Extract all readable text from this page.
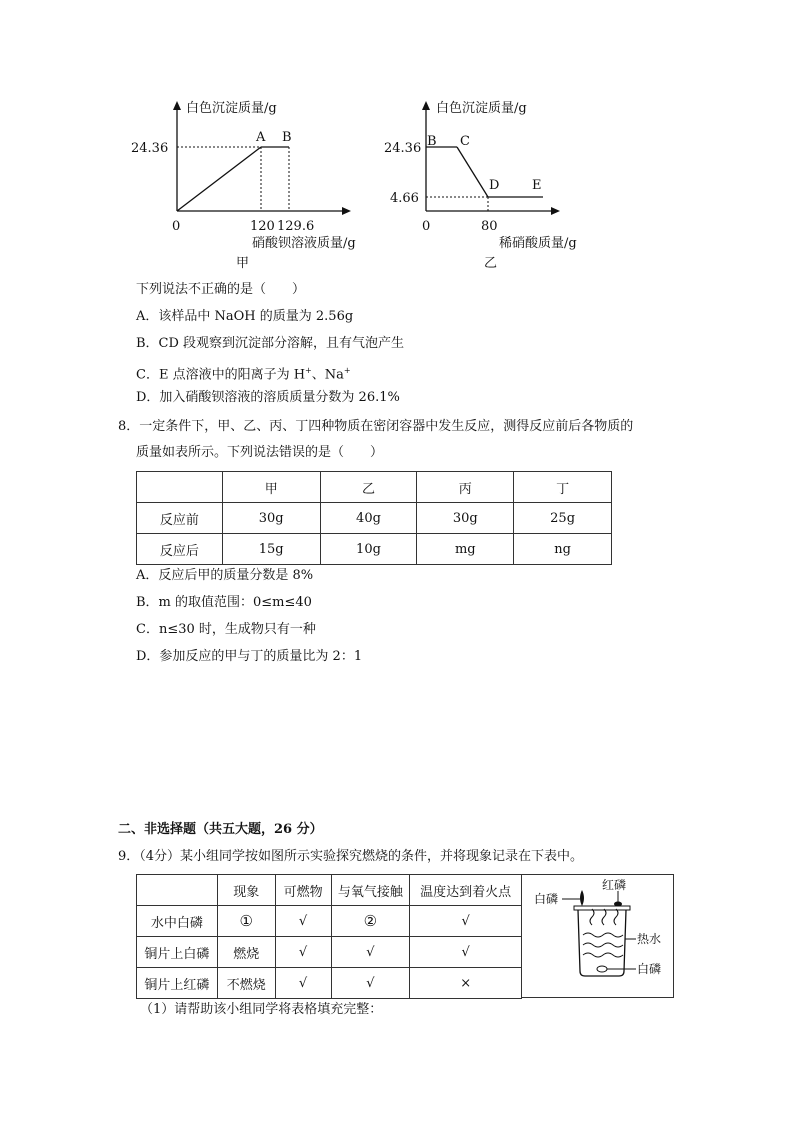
白色沉淀质量/g
24.36
A B
0	120 129.6
硝酸钡溶液质量/g
甲
白色沉淀质量/g
24.36
4.66
B C
D	E
0	80
稀硝酸质量/g
乙
下列说法不正确的是（　　）
A．该样品中 NaOH 的质量为 2.56g
B．CD 段观察到沉淀部分溶解，且有气泡产生
C．E 点溶液中的阳离子为 H+、Na+
D．加入硝酸钡溶液的溶质质量分数为 26.1%
8．一定条件下，甲、乙、丙、丁四种物质在密闭容器中发生反应，测得反应前后各物质的
质量如表所示。下列说法错误的是（　　）
	甲	乙	丙	丁
反应前	30g	40g	30g	25g
反应后	15g	10g	mg	ng
A．反应后甲的质量分数是 8%
B．m 的取值范围：0≤m≤40
C．n≤30 时，生成物只有一种
D．参加反应的甲与丁的质量比为 2：1
二、非选择题（共五大题，26 分）
9．（4分）某小组同学按如图所示实验探究燃烧的条件，并将现象记录在下表中。
	现象	可燃物	与氧气接触	温度达到着火点
水中白磷	①	√	②	√
铜片上白磷	燃烧	√	√	√
铜片上红磷	不燃烧	√	√	×
红磷
白磷
热水
白磷
（1）请帮助该小组同学将表格填充完整：
